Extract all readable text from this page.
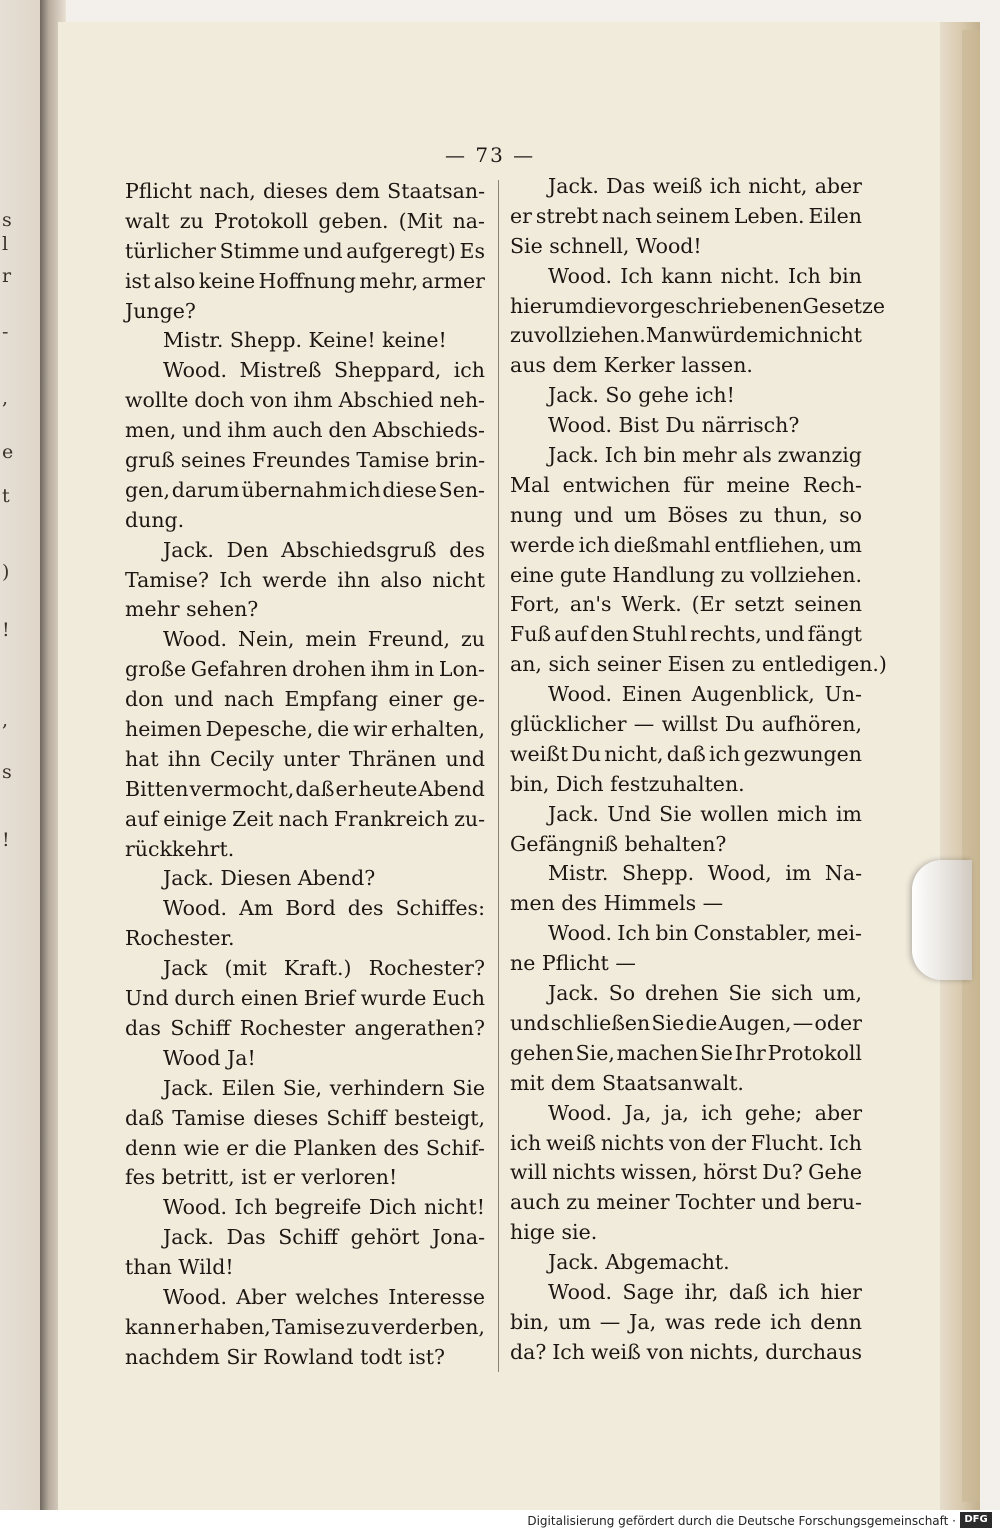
s
l
r
-
,
e
t
)
!
,
s
!
— 73 —
Pflicht nach, dieses dem Staatsan-
walt zu Protokoll geben. (Mit na-
türlicher Stimme und aufgeregt) Es
ist also keine Hoffnung mehr, armer
Junge?
Mistr. Shepp. Keine! keine!
Wood. Mistreß Sheppard, ich
wollte doch von ihm Abschied neh-
men, und ihm auch den Abschieds-
gruß seines Freundes Tamise brin-
gen, darum übernahm ich diese Sen-
dung.
Jack. Den Abschiedsgruß des
Tamise? Ich werde ihn also nicht
mehr sehen?
Wood. Nein, mein Freund, zu
große Gefahren drohen ihm in Lon-
don und nach Empfang einer ge-
heimen Depesche, die wir erhalten,
hat ihn Cecily unter Thränen und
Bitten vermocht, daß er heute Abend
auf einige Zeit nach Frankreich zu-
rückkehrt.
Jack. Diesen Abend?
Wood. Am Bord des Schiffes:
Rochester.
Jack (mit Kraft.) Rochester?
Und durch einen Brief wurde Euch
das Schiff Rochester angerathen?
Wood Ja!
Jack. Eilen Sie, verhindern Sie
daß Tamise dieses Schiff besteigt,
denn wie er die Planken des Schif-
fes betritt, ist er verloren!
Wood. Ich begreife Dich nicht!
Jack. Das Schiff gehört Jona-
than Wild!
Wood. Aber welches Interesse
kann er haben, Tamise zu verderben,
nachdem Sir Rowland todt ist?
Jack. Das weiß ich nicht, aber
er strebt nach seinem Leben. Eilen
Sie schnell, Wood!
Wood. Ich kann nicht. Ich bin
hier um die vorgeschriebenen Gesetze
zu vollziehen. Man würde mich nicht
aus dem Kerker lassen.
Jack. So gehe ich!
Wood. Bist Du närrisch?
Jack. Ich bin mehr als zwanzig
Mal entwichen für meine Rech-
nung und um Böses zu thun, so
werde ich dießmahl entfliehen, um
eine gute Handlung zu vollziehen.
Fort, an's Werk. (Er setzt seinen
Fuß auf den Stuhl rechts, und fängt
an, sich seiner Eisen zu entledigen.)
Wood. Einen Augenblick, Un-
glücklicher — willst Du aufhören,
weißt Du nicht, daß ich gezwungen
bin, Dich festzuhalten.
Jack. Und Sie wollen mich im
Gefängniß behalten?
Mistr. Shepp. Wood, im Na-
men des Himmels —
Wood. Ich bin Constabler, mei-
ne Pflicht —
Jack. So drehen Sie sich um,
und schließen Sie die Augen, — oder
gehen Sie, machen Sie Ihr Protokoll
mit dem Staatsanwalt.
Wood. Ja, ja, ich gehe; aber
ich weiß nichts von der Flucht. Ich
will nichts wissen, hörst Du? Gehe
auch zu meiner Tochter und beru-
hige sie.
Jack. Abgemacht.
Wood. Sage ihr, daß ich hier
bin, um — Ja, was rede ich denn
da? Ich weiß von nichts, durchaus
Digitalisierung gefördert durch die Deutsche Forschungsgemeinschaft · DFG
